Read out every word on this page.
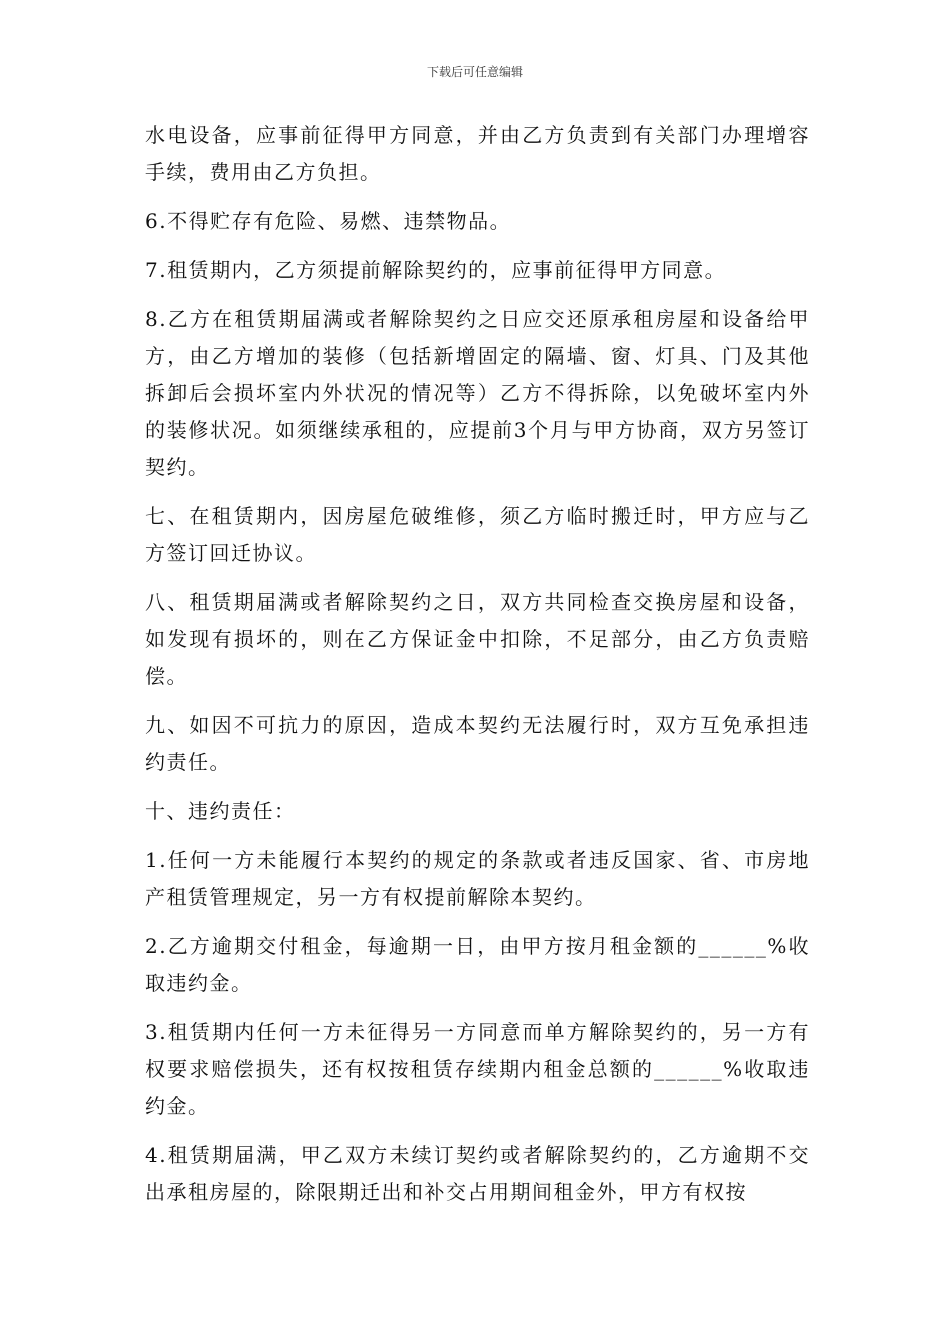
下载后可任意编辑

水电设备，应事前征得甲方同意，并由乙方负责到有关部门办理增容手续，费用由乙方负担。

6.不得贮存有危险、易燃、违禁物品。

7.租赁期内，乙方须提前解除契约的，应事前征得甲方同意。

8.乙方在租赁期届满或者解除契约之日应交还原承租房屋和设备给甲方，由乙方增加的装修（包括新增固定的隔墙、窗、灯具、门及其他拆卸后会损坏室内外状况的情况等）乙方不得拆除，以免破坏室内外的装修状况。如须继续承租的，应提前3个月与甲方协商，双方另签订契约。

七、在租赁期内，因房屋危破维修，须乙方临时搬迁时，甲方应与乙方签订回迁协议。

八、租赁期届满或者解除契约之日，双方共同检查交换房屋和设备，如发现有损坏的，则在乙方保证金中扣除，不足部分，由乙方负责赔偿。

九、如因不可抗力的原因，造成本契约无法履行时，双方互免承担违约责任。

十、违约责任：

1.任何一方未能履行本契约的规定的条款或者违反国家、省、市房地产租赁管理规定，另一方有权提前解除本契约。

2.乙方逾期交付租金，每逾期一日，由甲方按月租金额的______%收取违约金。

3.租赁期内任何一方未征得另一方同意而单方解除契约的，另一方有权要求赔偿损失，还有权按租赁存续期内租金总额的______%收取违约金。

4.租赁期届满，甲乙双方未续订契约或者解除契约的，乙方逾期不交出承租房屋的，除限期迁出和补交占用期间租金外，甲方有权按
